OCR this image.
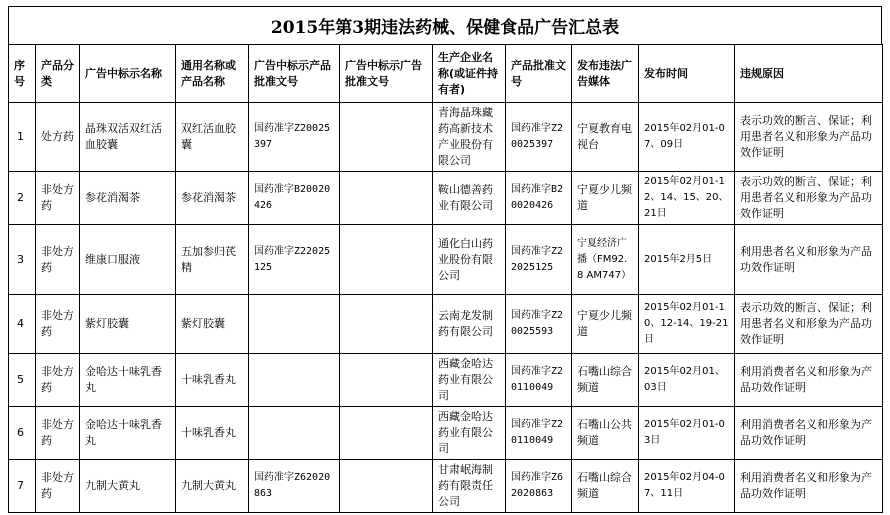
2015年第3期违法药械、保健食品广告汇总表
序号	产品分类	广告中标示名称	通用名称或产品名称	广告中标示产品批准文号	广告中标示广告批准文号	生产企业名称(或证件持有者)	产品批准文号	发布违法广告媒体	发布时间	违规原因
1	处方药	晶珠双活双红活血胶囊	双红活血胶囊	国药准字Z20025397		青海晶珠藏药高新技术产业股份有限公司	国药准字Z20025397	宁夏教育电视台	2015年02月01-07、09日	表示功效的断言、保证；利用患者名义和形象为产品功效作证明
2	非处方药	参花消渴茶	参花消渴茶	国药准字B20020426		鞍山德善药业有限公司	国药准字B20020426	宁夏少儿频道	2015年02月01-12、14、15、20、21日	表示功效的断言、保证；利用患者名义和形象为产品功效作证明
3	非处方药	维康口服液	五加参归芪精	国药准字Z22025125		通化白山药业股份有限公司	国药准字Z22025125	宁夏经济广播（FM92.8 AM747）	2015年2月5日	利用患者名义和形象为产品功效作证明
4	非处方药	紫灯胶囊	紫灯胶囊			云南龙发制药有限公司	国药准字Z20025593	宁夏少儿频道	2015年02月01-10、12-14、19-21日	表示功效的断言、保证；利用患者名义和形象为产品功效作证明
5	非处方药	金哈达十味乳香丸	十味乳香丸			西藏金哈达药业有限公司	国药准字Z20110049	石嘴山综合频道	2015年02月01、03日	利用消费者名义和形象为产品功效作证明
6	非处方药	金哈达十味乳香丸	十味乳香丸			西藏金哈达药业有限公司	国药准字Z20110049	石嘴山公共频道	2015年02月01-03日	利用消费者名义和形象为产品功效作证明
7	非处方药	九制大黄丸	九制大黄丸	国药准字Z62020863		甘肃岷海制药有限责任公司	国药准字Z62020863	石嘴山综合频道	2015年02月04-07、11日	利用消费者名义和形象为产品功效作证明
